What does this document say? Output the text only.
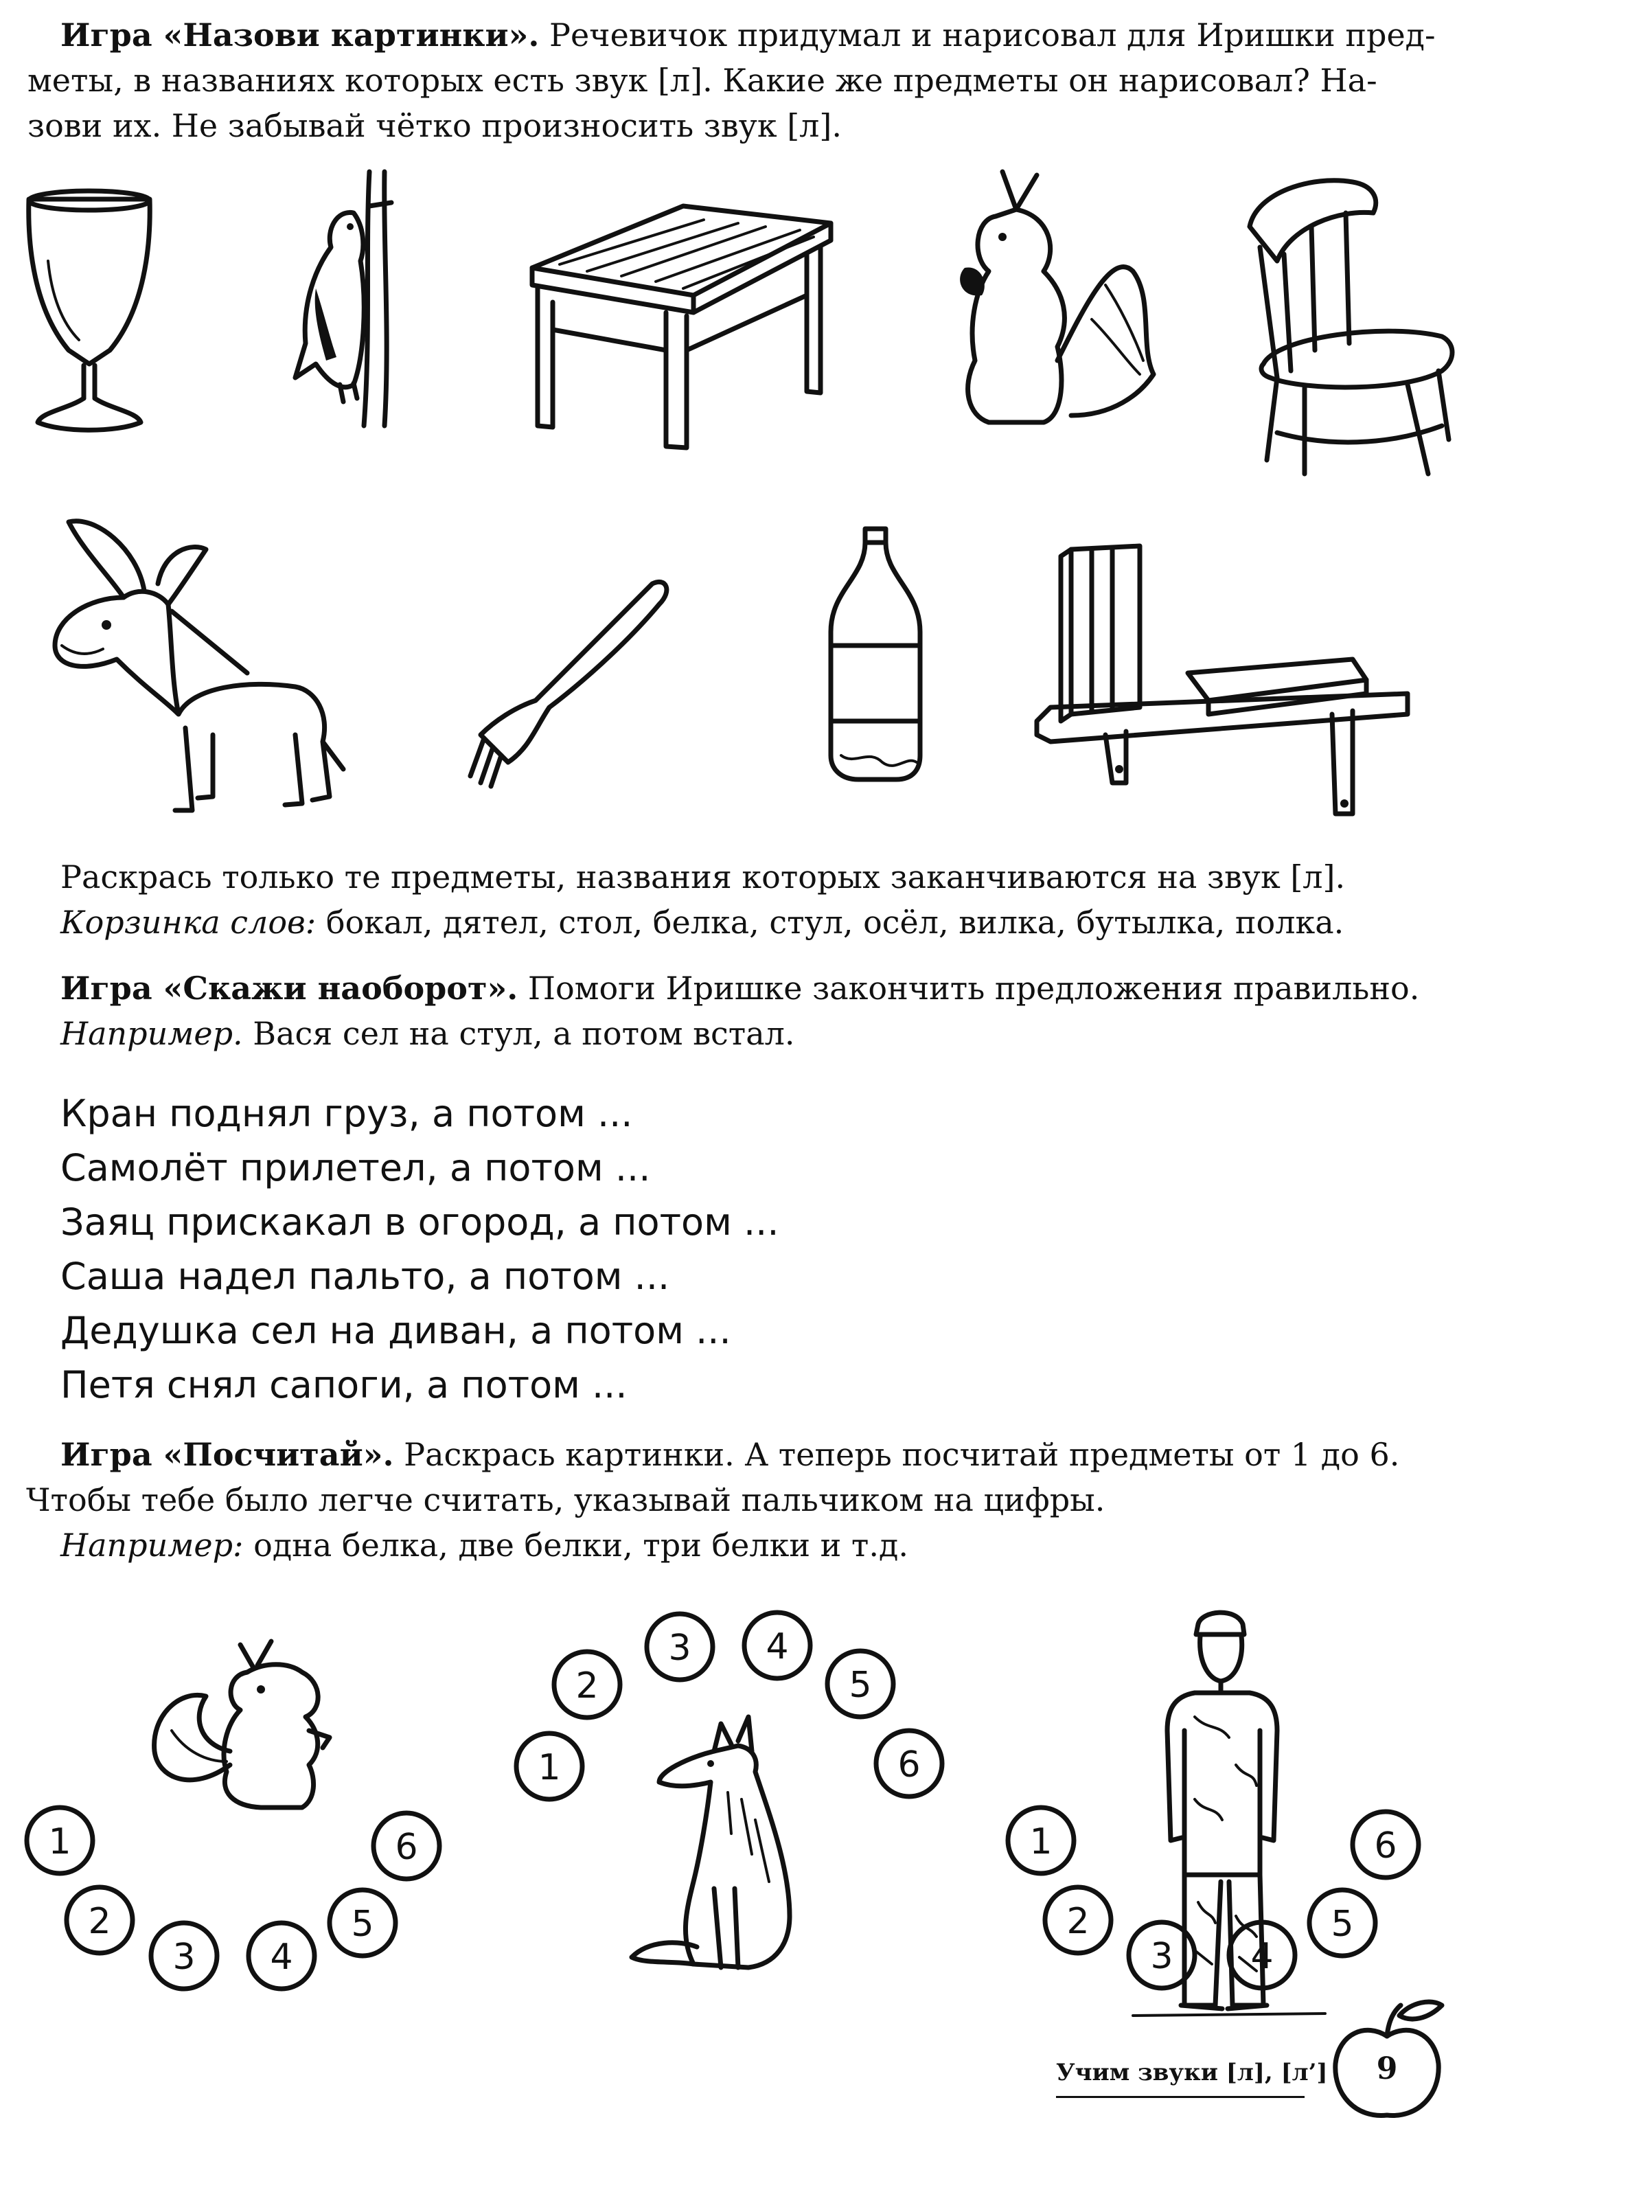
Игра «Назови картинки». Речевичок придумал и нарисовал для Иришки пред-
меты, в названиях которых есть звук [л]. Какие же предметы он нарисовал? На-
зови их. Не забывай чётко произносить звук [л].
Раскрась только те предметы, названия которых заканчиваются на звук [л].
Корзинка слов: бокал, дятел, стол, белка, стул, осёл, вилка, бутылка, полка.
Игра «Скажи наоборот». Помоги Иришке закончить предложения правильно.
Например. Вася сел на стул, а потом встал.
Кран поднял груз, а потом ...
Самолёт прилетел, а потом ...
Заяц прискакал в огород, а потом ...
Саша надел пальто, а потом ...
Дедушка сел на диван, а потом ...
Петя снял сапоги, а потом ...
Игра «Посчитай». Раскрась картинки. А теперь посчитай предметы от 1 до 6.
Чтобы тебе было легче считать, указывай пальчиком на цифры.
Например: одна белка, две белки, три белки и т.д.
1
2
3 4
5
6
1
2
3 4
5
6
1
2
3 4
5
6
Учим звуки [л], [л’] 9
